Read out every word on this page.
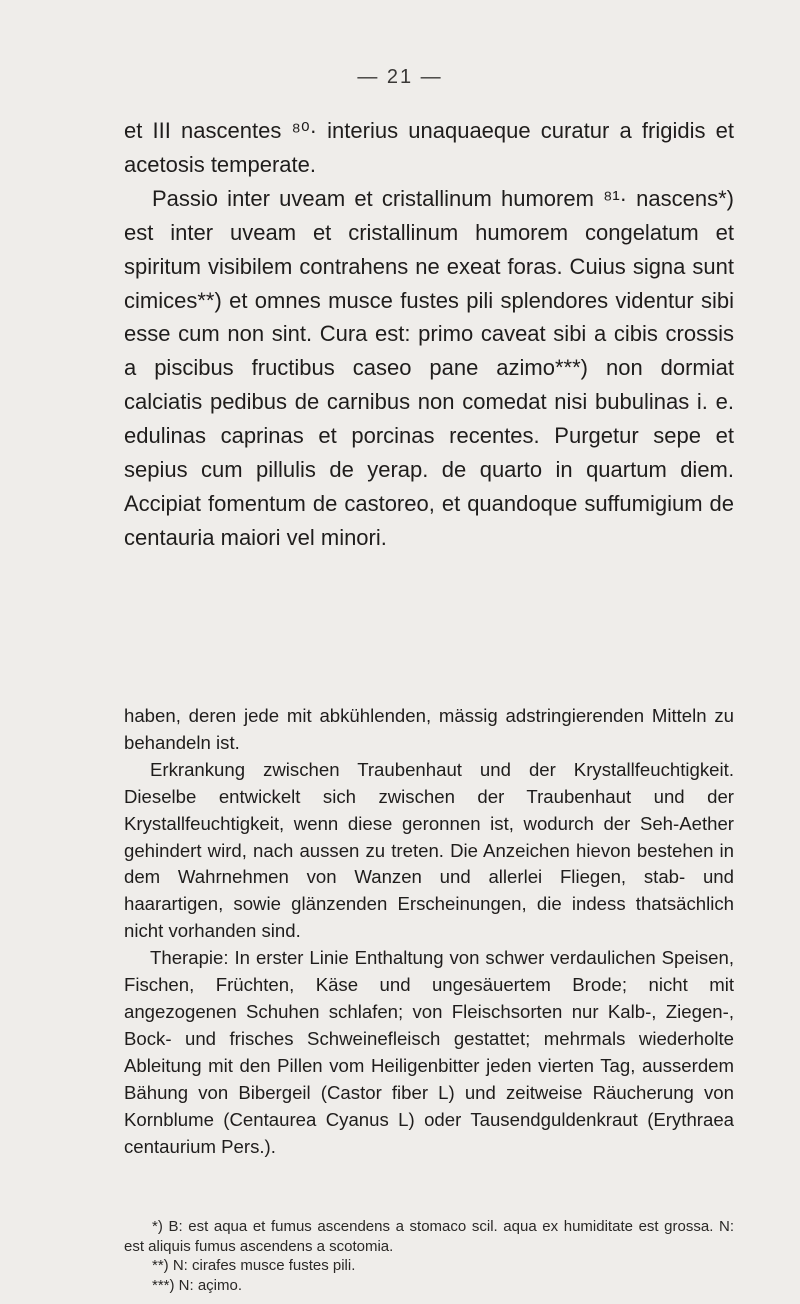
— 21 —

et III nascentes ⁸⁰· interius unaquaeque curatur a frigidis et acetosis temperate.

Passio inter uveam et cristallinum humorem ⁸¹· nascens*) est inter uveam et cristallinum humorem congelatum et spiritum visibilem contrahens ne exeat foras. Cuius signa sunt cimices**) et omnes musce fustes pili splendores videntur sibi esse cum non sint. Cura est: primo caveat sibi a cibis crossis a piscibus fructibus caseo pane azimo***) non dormiat calciatis pedibus de carnibus non comedat nisi bubulinas i. e. edulinas caprinas et porcinas recentes. Purgetur sepe et sepius cum pillulis de yerap. de quarto in quartum diem. Accipiat fomentum de castoreo, et quandoque suffumigium de centauria maiori vel minori.

haben, deren jede mit abkühlenden, mässig adstringierenden Mitteln zu behandeln ist.

Erkrankung zwischen Traubenhaut und der Krystallfeuchtigkeit. Dieselbe entwickelt sich zwischen der Traubenhaut und der Krystallfeuchtigkeit, wenn diese geronnen ist, wodurch der Seh-Aether gehindert wird, nach aussen zu treten. Die Anzeichen hievon bestehen in dem Wahrnehmen von Wanzen und allerlei Fliegen, stab- und haarartigen, sowie glänzenden Erscheinungen, die indess thatsächlich nicht vorhanden sind.

Therapie: In erster Linie Enthaltung von schwer verdaulichen Speisen, Fischen, Früchten, Käse und ungesäuertem Brode; nicht mit angezogenen Schuhen schlafen; von Fleischsorten nur Kalb-, Ziegen-, Bock- und frisches Schweinefleisch gestattet; mehrmals wiederholte Ableitung mit den Pillen vom Heiligenbitter jeden vierten Tag, ausserdem Bähung von Bibergeil (Castor fiber L) und zeitweise Räucherung von Kornblume (Centaurea Cyanus L) oder Tausendguldenkraut (Erythraea centaurium Pers.).

*) B: est aqua et fumus ascendens a stomaco scil. aqua ex humiditate est grossa. N: est aliquis fumus ascendens a scotomia.

**) N: cirafes musce fustes pili.

***) N: açimo.
